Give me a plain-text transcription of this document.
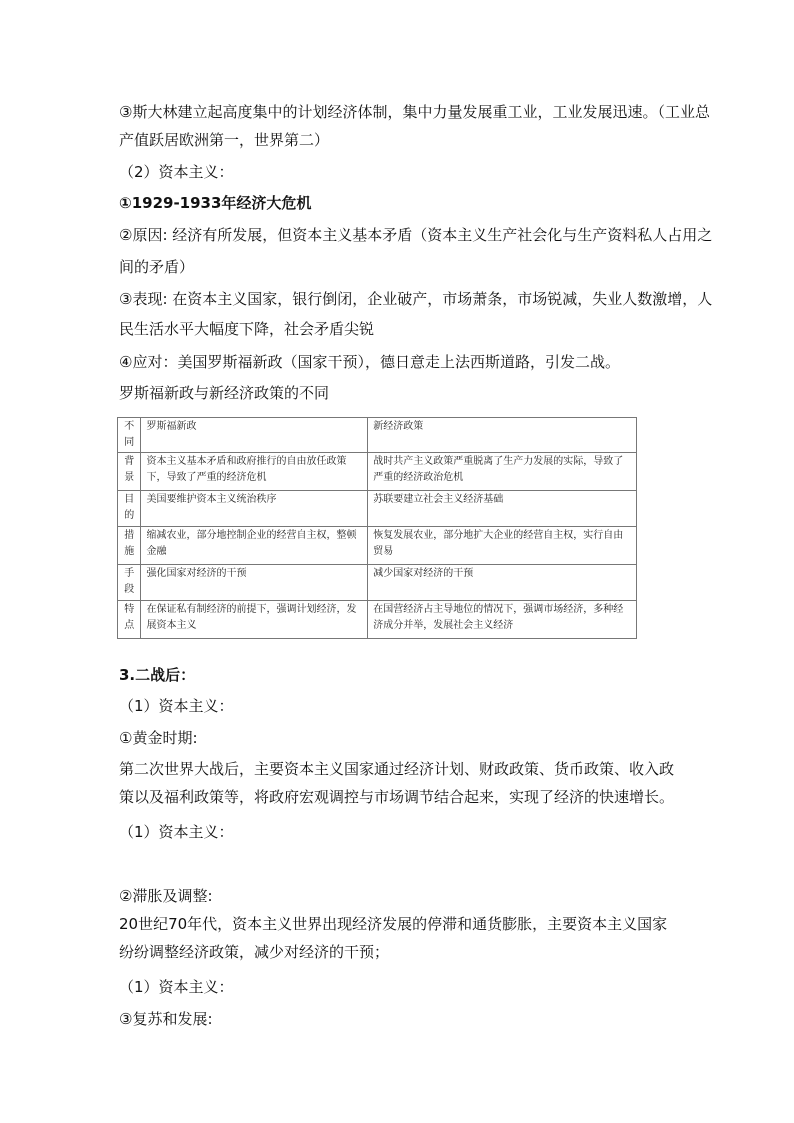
③斯大林建立起高度集中的计划经济体制，集中力量发展重工业，工业发展迅速。（工业总
产值跃居欧洲第一，世界第二）
（2）资本主义：
①1929-1933年经济大危机
②原因: 经济有所发展，但资本主义基本矛盾（资本主义生产社会化与生产资料私人占用之
间的矛盾）
③表现: 在资本主义国家，银行倒闭，企业破产，市场萧条，市场锐减，失业人数激增，人
民生活水平大幅度下降，社会矛盾尖锐
④应对：美国罗斯福新政（国家干预），德日意走上法西斯道路，引发二战。
罗斯福新政与新经济政策的不同
不同	罗斯福新政	新经济政策
背景	资本主义基本矛盾和政府推行的自由放任政策下，导致了严重的经济危机	战时共产主义政策严重脱离了生产力发展的实际，导致了严重的经济政治危机
目的	美国要维护资本主义统治秩序	苏联要建立社会主义经济基础
措施	缩减农业，部分地控制企业的经营自主权，整顿金融	恢复发展农业，部分地扩大企业的经营自主权，实行自由贸易
手段	强化国家对经济的干预	减少国家对经济的干预
特点	在保证私有制经济的前提下，强调计划经济，发展资本主义	在国营经济占主导地位的情况下，强调市场经济，多种经济成分并举，发展社会主义经济
3.二战后：
（1）资本主义：
①黄金时期:
第二次世界大战后，主要资本主义国家通过经济计划、财政政策、货币政策、收入政策以及福利政策等，将政府宏观调控与市场调节结合起来，实现了经济的快速增长。
（1）资本主义：
②滞胀及调整:
20世纪70年代，资本主义世界出现经济发展的停滞和通货膨胀，主要资本主义国家纷纷调整经济政策，减少对经济的干预；
（1）资本主义：
③复苏和发展:
